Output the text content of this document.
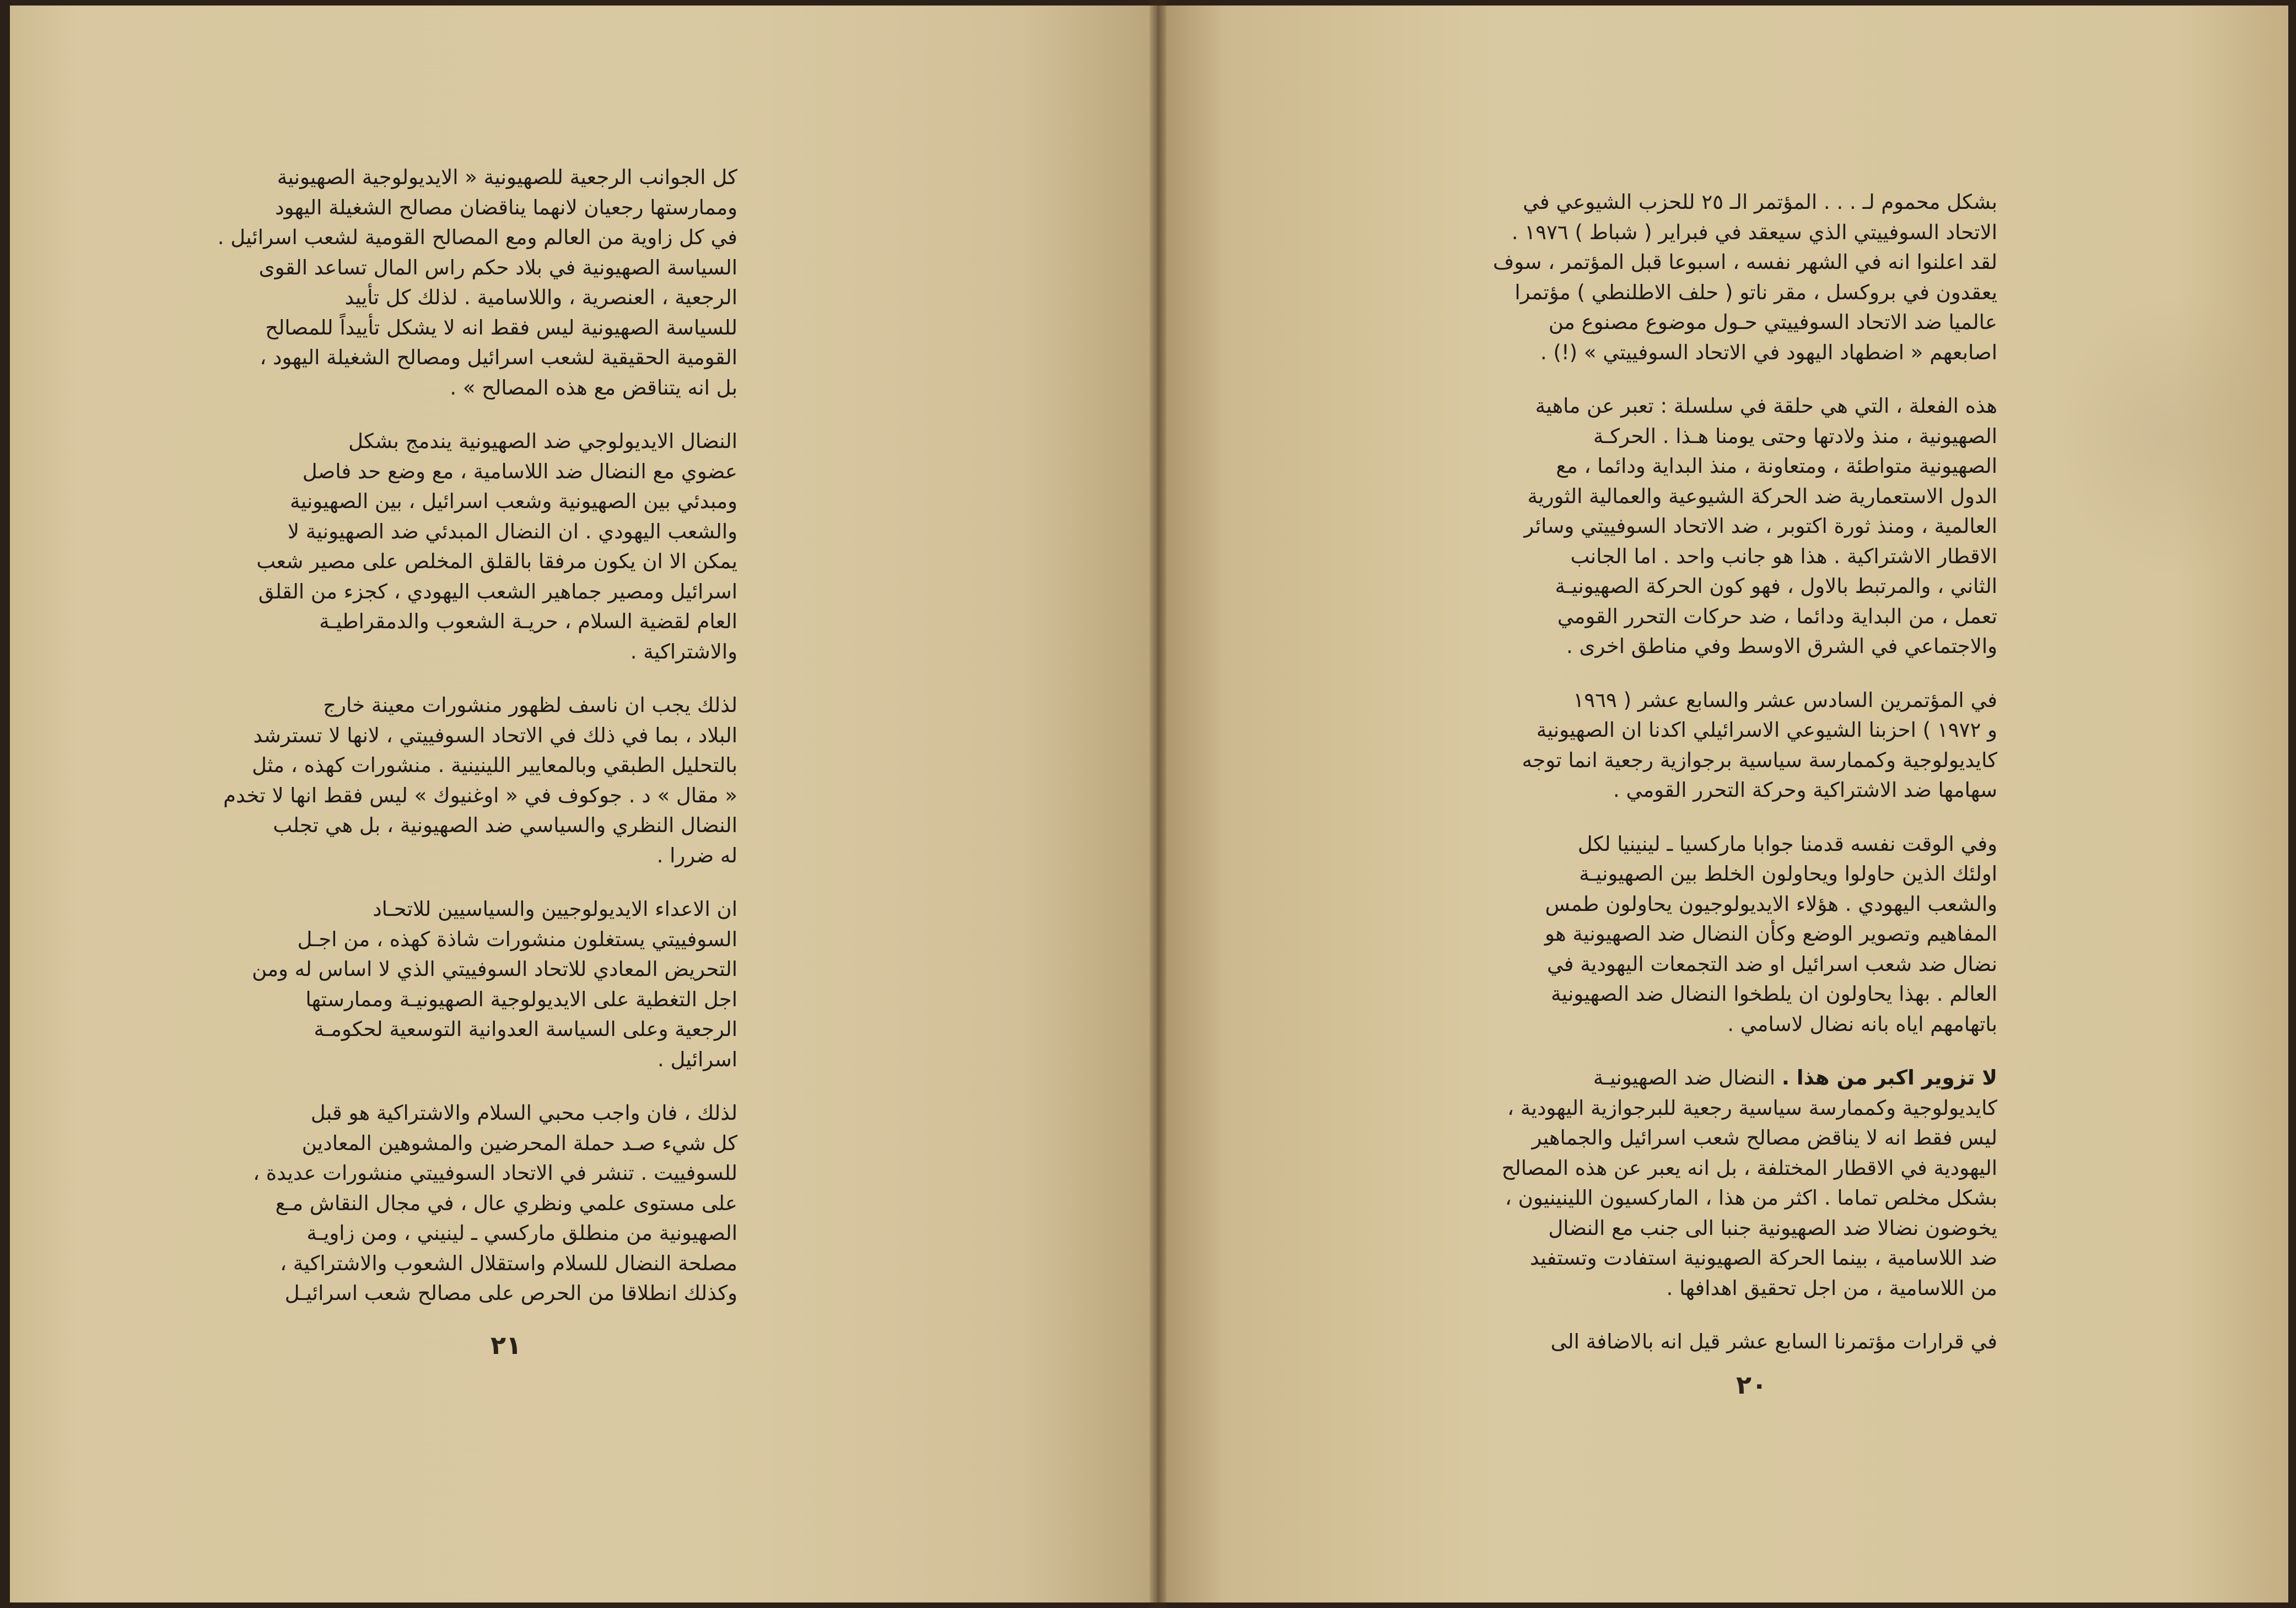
كل الجوانب الرجعية للصهيونية « الايديولوجية الصهيونية
وممارستها رجعيان لانهما يناقضان مصالح الشغيلة اليهود
في كل زاوية من العالم ومع المصالح القومية لشعب اسرائيل .
السياسة الصهيونية في بلاد حكم راس المال تساعد القوى
الرجعية ، العنصرية ، واللاسامية . لذلك كل تأييد
للسياسة الصهيونية ليس فقط انه لا يشكل تأييداً للمصالح
القومية الحقيقية لشعب اسرائيل ومصالح الشغيلة اليهود ،
بل انه يتناقض مع هذه المصالح » .

النضال الايديولوجي ضد الصهيونية يندمج بشكل
عضوي مع النضال ضد اللاسامية ، مع وضع حد فاصل
ومبدئي بين الصهيونية وشعب اسرائيل ، بين الصهيونية
والشعب اليهودي . ان النضال المبدئي ضد الصهيونية لا
يمكن الا ان يكون مرفقا بالقلق المخلص على مصير شعب
اسرائيل ومصير جماهير الشعب اليهودي ، كجزء من القلق
العام لقضية السلام ، حريـة الشعوب والدمقراطيـة
والاشتراكية .

لذلك يجب ان ناسف لظهور منشورات معينة خارج
البلاد ، بما في ذلك في الاتحاد السوفييتي ، لانها لا تسترشد
بالتحليل الطبقي وبالمعايير اللينينية . منشورات كهذه ، مثل
« مقال » د . جوكوف في « اوغنيوك » ليس فقط انها لا تخدم
النضال النظري والسياسي ضد الصهيونية ، بل هي تجلب
له ضررا .

ان الاعداء الايديولوجيين والسياسيين للاتحـاد
السوفييتي يستغلون منشورات شاذة كهذه ، من اجـل
التحريض المعادي للاتحاد السوفييتي الذي لا اساس له ومن
اجل التغطية على الايديولوجية الصهيونيـة وممارستها
الرجعية وعلى السياسة العدوانية التوسعية لحكومـة
اسرائيل .

لذلك ، فان واجب محبي السلام والاشتراكية هو قبل
كل شيء صـد حملة المحرضين والمشوهين المعادين
للسوفييت . تنشر في الاتحاد السوفييتي منشورات عديدة ،
على مستوى علمي ونظري عال ، في مجال النقاش مـع
الصهيونية من منطلق ماركسي ـ لينيني ، ومن زاويـة
مصلحة النضال للسلام واستقلال الشعوب والاشتراكية ،
وكذلك انطلاقا من الحرص على مصالح شعب اسرائيـل

٢١

بشكل محموم لـ . . . المؤتمر الـ ٢٥ للحزب الشيوعي في
الاتحاد السوفييتي الذي سيعقد في فبراير ( شباط ) ١٩٧٦ .
لقد اعلنوا انه في الشهر نفسه ، اسبوعا قبل المؤتمر ، سوف
يعقدون في بروكسل ، مقر ناتو ( حلف الاطلنطي ) مؤتمرا
عالميا ضد الاتحاد السوفييتي حـول موضوع مصنوع من
اصابعهم « اضطهاد اليهود في الاتحاد السوفييتي » (!) .

هذه الفعلة ، التي هي حلقة في سلسلة : تعبر عن ماهية
الصهيونية ، منذ ولادتها وحتى يومنا هـذا . الحركـة
الصهيونية متواطئة ، ومتعاونة ، منذ البداية ودائما ، مع
الدول الاستعمارية ضد الحركة الشيوعية والعمالية الثورية
العالمية ، ومنذ ثورة اكتوبر ، ضد الاتحاد السوفييتي وسائر
الاقطار الاشتراكية . هذا هو جانب واحد . اما الجانب
الثاني ، والمرتبط بالاول ، فهو كون الحركة الصهيونيـة
تعمل ، من البداية ودائما ، ضد حركات التحرر القومي
والاجتماعي في الشرق الاوسط وفي مناطق اخرى .

في المؤتمرين السادس عشر والسابع عشر ( ١٩٦٩
و ١٩٧٢ ) احزبنا الشيوعي الاسرائيلي اكدنا ان الصهيونية
كايديولوجية وكممارسة سياسية برجوازية رجعية انما توجه
سهامها ضد الاشتراكية وحركة التحرر القومي .

وفي الوقت نفسه قدمنا جوابا ماركسيا ـ لينينيا لكل
اولئك الذين حاولوا ويحاولون الخلط بين الصهيونيـة
والشعب اليهودي . هؤلاء الايديولوجيون يحاولون طمس
المفاهيم وتصوير الوضع وكأن النضال ضد الصهيونية هو
نضال ضد شعب اسرائيل او ضد التجمعات اليهودية في
العالم . بهذا يحاولون ان يلطخوا النضال ضد الصهيونية
باتهامهم اياه بانه نضال لاسامي .

لا تزوير اكبر من هذا . النضال ضد الصهيونيـة
كايديولوجية وكممارسة سياسية رجعية للبرجوازية اليهودية ،
ليس فقط انه لا يناقض مصالح شعب اسرائيل والجماهير
اليهودية في الاقطار المختلفة ، بل انه يعبر عن هذه المصالح
بشكل مخلص تماما . اكثر من هذا ، الماركسيون اللينينيون ،
يخوضون نضالا ضد الصهيونية جنبا الى جنب مع النضال
ضد اللاسامية ، بينما الحركة الصهيونية استفادت وتستفيد
من اللاسامية ، من اجل تحقيق اهدافها .

في قرارات مؤتمرنا السابع عشر قيل انه بالاضافة الى

٢٠
